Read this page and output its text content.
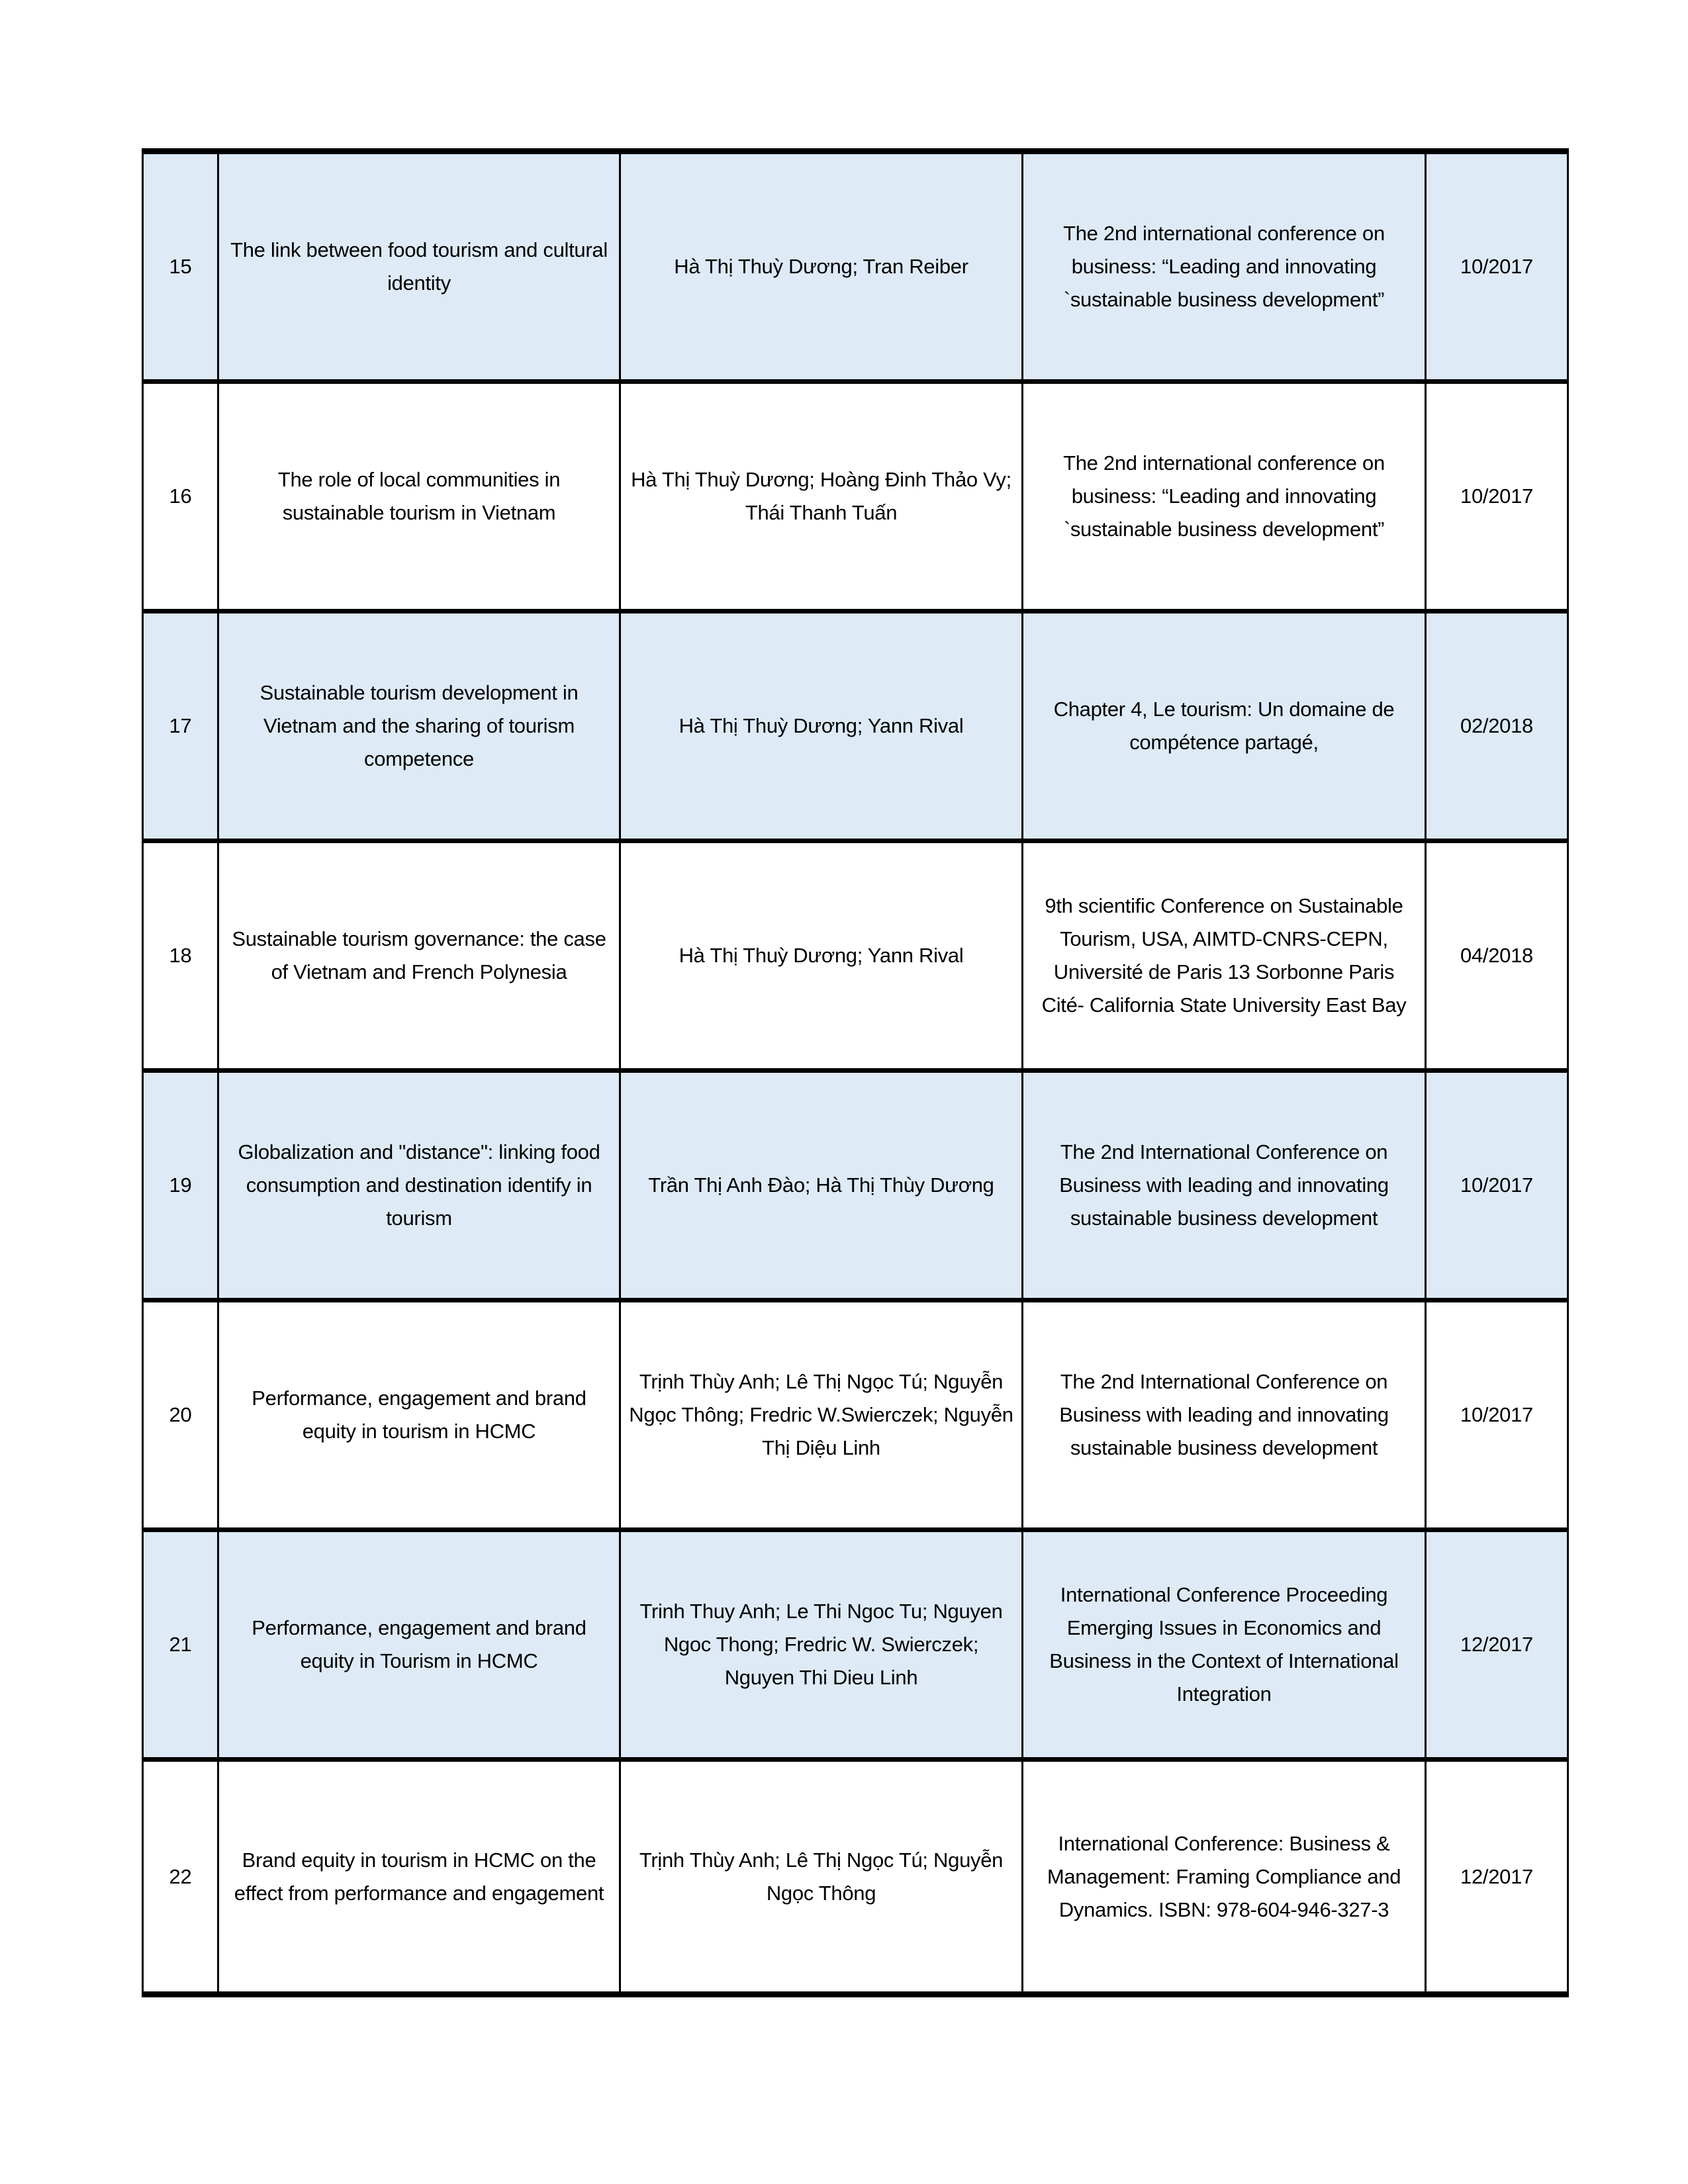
15
The link between food tourism and cultural identity
Hà Thị Thuỳ Dương; Tran Reiber
The 2nd international conference on business: “Leading and innovating `sustainable business development”
10/2017
16
The role of local communities in sustainable tourism in Vietnam
Hà Thị Thuỳ Dương; Hoàng Đinh Thảo Vy; Thái Thanh Tuấn
The 2nd international conference on business: “Leading and innovating `sustainable business development”
10/2017
17
Sustainable tourism development in Vietnam and the sharing of tourism competence
Hà Thị Thuỳ Dương; Yann Rival
Chapter 4, Le tourism: Un domaine de compétence partagé,
02/2018
18
Sustainable tourism governance: the case of Vietnam and French Polynesia
Hà Thị Thuỳ Dương; Yann Rival
9th scientific Conference on Sustainable Tourism, USA, AIMTD-CNRS-CEPN, Université de Paris 13 Sorbonne Paris Cité- California State University East Bay
04/2018
19
Globalization and "distance": linking food consumption and destination identify in tourism
Trần Thị Anh Đào; Hà Thị Thùy Dương
The 2nd International Conference on Business with leading and innovating sustainable business development
10/2017
20
Performance, engagement and brand equity in tourism in HCMC
Trịnh Thùy Anh; Lê Thị Ngọc Tú; Nguyễn Ngọc Thông; Fredric W.Swierczek; Nguyễn Thị Diệu Linh
The 2nd International Conference on Business with leading and innovating sustainable business development
10/2017
21
Performance, engagement and brand equity in Tourism in HCMC
Trinh Thuy Anh; Le Thi Ngoc Tu; Nguyen Ngoc Thong; Fredric W. Swierczek; Nguyen Thi Dieu Linh
International Conference Proceeding Emerging Issues in Economics and Business in the Context of International Integration
12/2017
22
Brand equity in tourism in HCMC on the effect from performance and engagement
Trịnh Thùy Anh; Lê Thị Ngọc Tú; Nguyễn Ngọc Thông
International Conference: Business & Management: Framing Compliance and Dynamics. ISBN: 978-604-946-327-3
12/2017
